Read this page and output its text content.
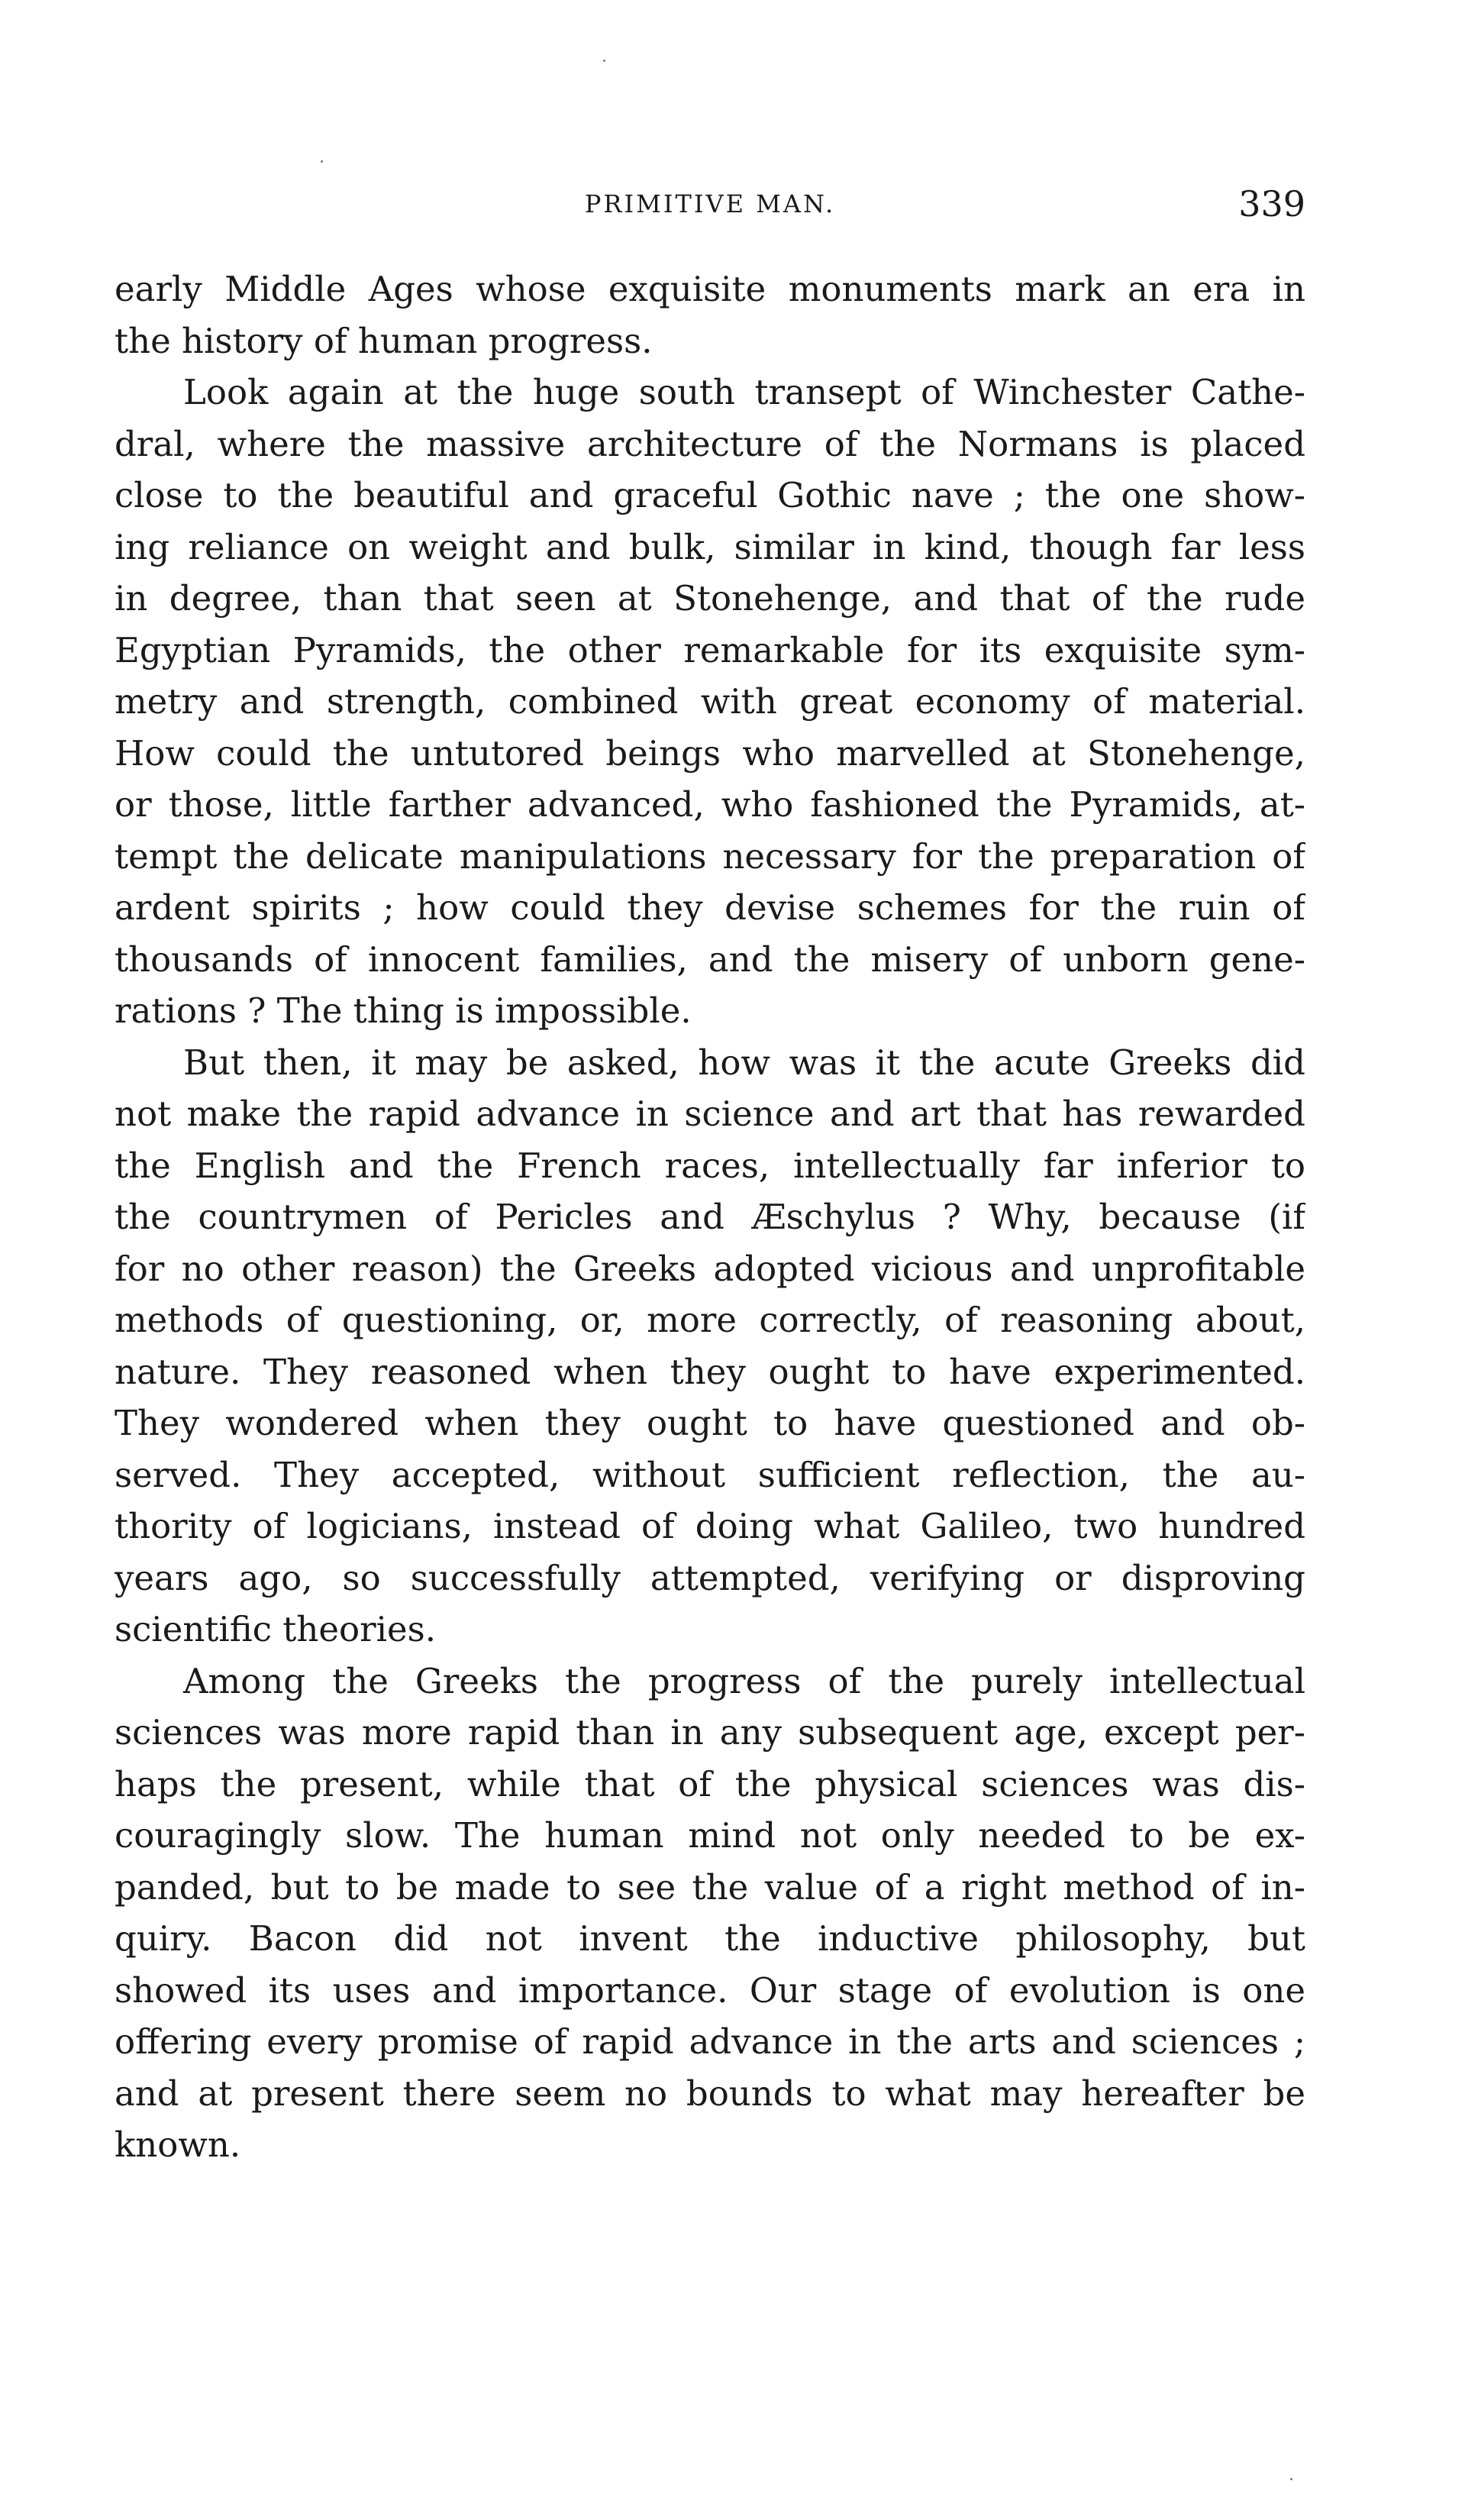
PRIMITIVE MAN.	339
early Middle Ages whose exquisite monuments mark an era in
the history of human progress.
Look again at the huge south transept of Winchester Cathe-
dral, where the massive architecture of the Normans is placed
close to the beautiful and graceful Gothic nave ; the one show-
ing reliance on weight and bulk, similar in kind, though far less
in degree, than that seen at Stonehenge, and that of the rude
Egyptian Pyramids, the other remarkable for its exquisite sym-
metry and strength, combined with great economy of material.
How could the untutored beings who marvelled at Stonehenge,
or those, little farther advanced, who fashioned the Pyramids, at-
tempt the delicate manipulations necessary for the preparation of
ardent spirits ; how could they devise schemes for the ruin of
thousands of innocent families, and the misery of unborn gene-
rations ? The thing is impossible.
But then, it may be asked, how was it the acute Greeks did
not make the rapid advance in science and art that has rewarded
the English and the French races, intellectually far inferior to
the countrymen of Pericles and Æschylus ? Why, because (if
for no other reason) the Greeks adopted vicious and unprofitable
methods of questioning, or, more correctly, of reasoning about,
nature. They reasoned when they ought to have experimented.
They wondered when they ought to have questioned and ob-
served. They accepted, without sufficient reflection, the au-
thority of logicians, instead of doing what Galileo, two hundred
years ago, so successfully attempted, verifying or disproving
scientific theories.
Among the Greeks the progress of the purely intellectual
sciences was more rapid than in any subsequent age, except per-
haps the present, while that of the physical sciences was dis-
couragingly slow. The human mind not only needed to be ex-
panded, but to be made to see the value of a right method of in-
quiry. Bacon did not invent the inductive philosophy, but
showed its uses and importance. Our stage of evolution is one
offering every promise of rapid advance in the arts and sciences ;
and at present there seem no bounds to what may hereafter be
known.
